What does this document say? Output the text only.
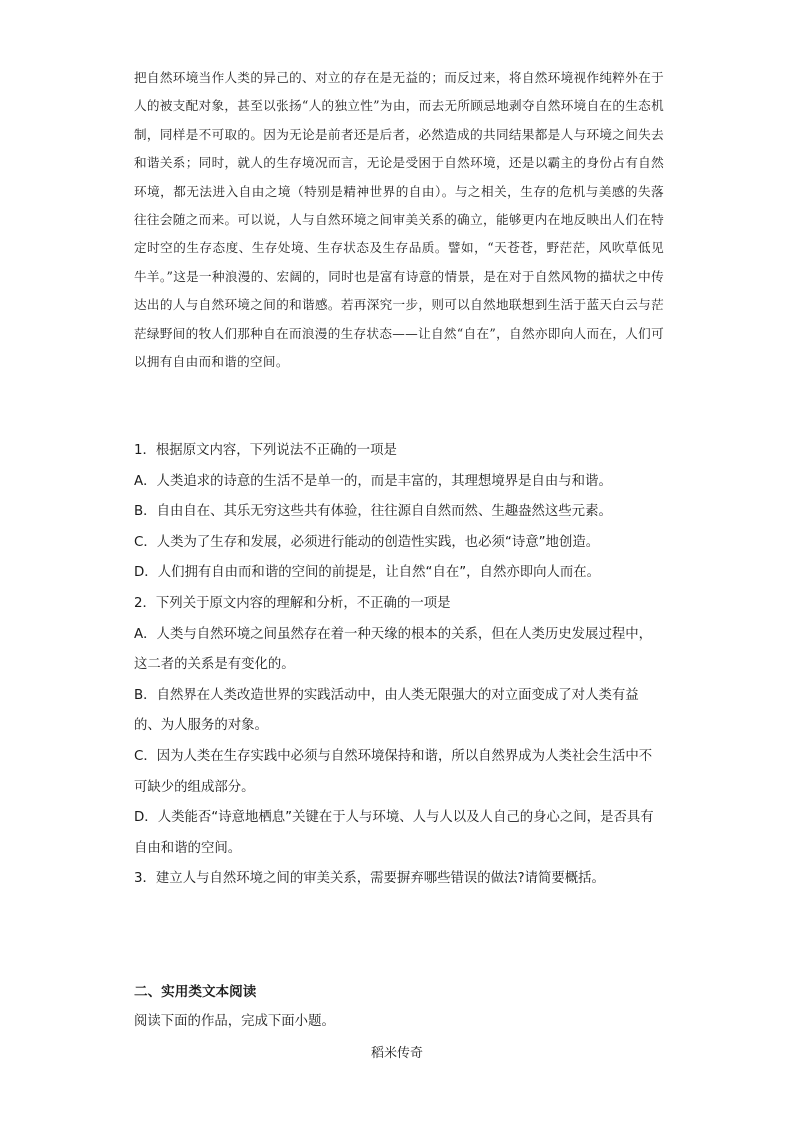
把自然环境当作人类的异己的、对立的存在是无益的；而反过来，将自然环境视作纯粹外在于人的被支配对象，甚至以张扬“人的独立性”为由，而去无所顾忌地剥夺自然环境自在的生态机制，同样是不可取的。因为无论是前者还是后者，必然造成的共同结果都是人与环境之间失去和谐关系；同时，就人的生存境况而言，无论是受困于自然环境，还是以霸主的身份占有自然环境，都无法进入自由之境（特别是精神世界的自由）。与之相关，生存的危机与美感的失落往往会随之而来。可以说，人与自然环境之间审美关系的确立，能够更内在地反映出人们在特定时空的生存态度、生存处境、生存状态及生存品质。譬如，“天苍苍，野茫茫，风吹草低见牛羊。”这是一种浪漫的、宏阔的，同时也是富有诗意的情景，是在对于自然风物的描状之中传达出的人与自然环境之间的和谐感。若再深究一步，则可以自然地联想到生活于蓝天白云与茫茫绿野间的牧人们那种自在而浪漫的生存状态——让自然“自在”，自然亦即向人而在，人们可以拥有自由而和谐的空间。

1．根据原文内容，下列说法不正确的一项是

A．人类追求的诗意的生活不是单一的，而是丰富的，其理想境界是自由与和谐。

B．自由自在、其乐无穷这些共有体验，往往源自自然而然、生趣盎然这些元素。

C．人类为了生存和发展，必须进行能动的创造性实践，也必须“诗意”地创造。

D．人们拥有自由而和谐的空间的前提是，让自然“自在”，自然亦即向人而在。

2．下列关于原文内容的理解和分析，不正确的一项是

A．人类与自然环境之间虽然存在着一种天缘的根本的关系，但在人类历史发展过程中，这二者的关系是有变化的。

B．自然界在人类改造世界的实践活动中，由人类无限强大的对立面变成了对人类有益的、为人服务的对象。

C．因为人类在生存实践中必须与自然环境保持和谐，所以自然界成为人类社会生活中不可缺少的组成部分。

D．人类能否“诗意地栖息”关键在于人与环境、人与人以及人自己的身心之间，是否具有自由和谐的空间。

3．建立人与自然环境之间的审美关系，需要摒弃哪些错误的做法?请简要概括。

二、实用类文本阅读

阅读下面的作品，完成下面小题。

稻米传奇
